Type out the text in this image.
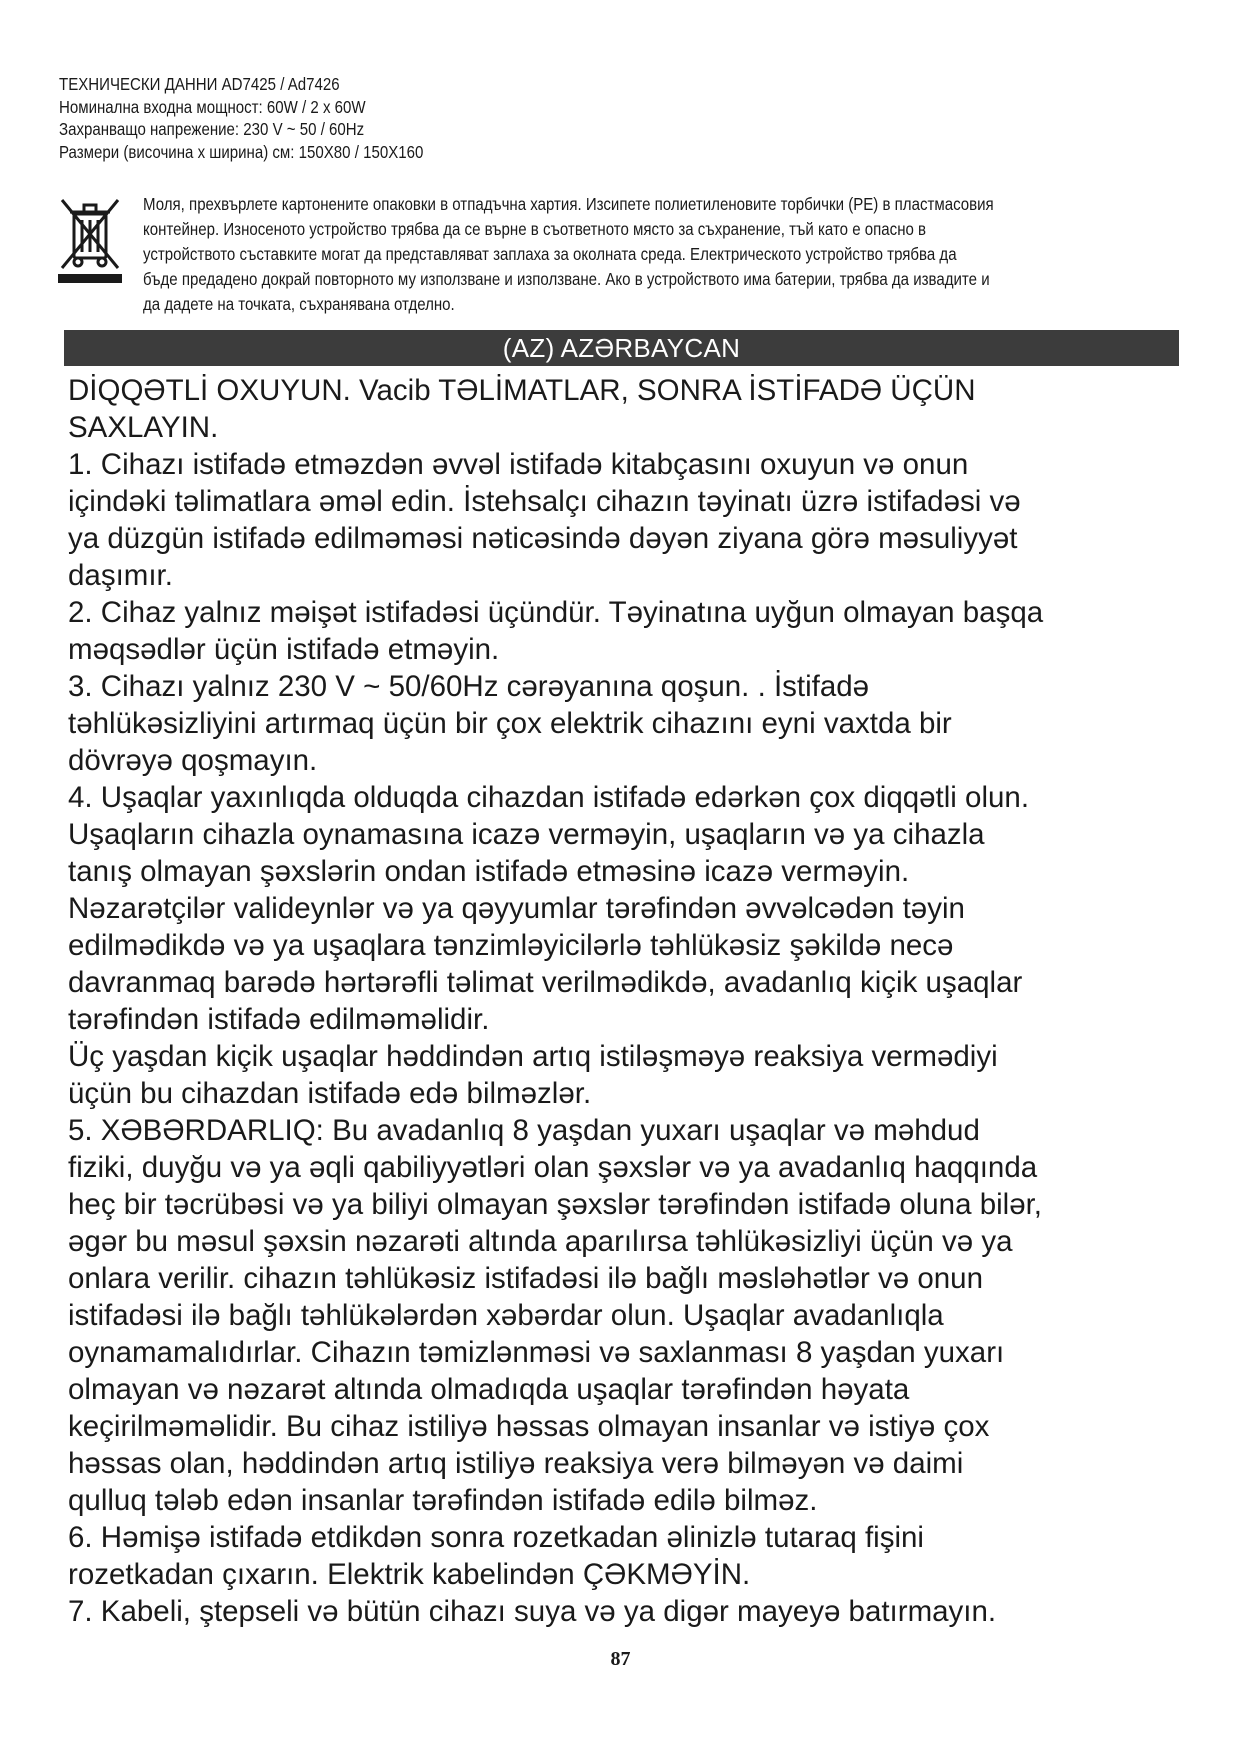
ТЕХНИЧЕСКИ ДАННИ AD7425 / Ad7426
Номинална входна мощност: 60W / 2 x 60W
Захранващо напрежение: 230 V ~ 50 / 60Hz
Размери (височина x ширина) см: 150X80 / 150X160

Моля, прехвърлете картонените опаковки в отпадъчна хартия. Изсипете полиетиленовите торбички (PE) в пластмасовия

контейнер. Износеното устройство трябва да се върне в съответното място за съхранение, тъй като е опасно в

устройството съставките могат да представляват заплаха за околната среда. Електрическото устройство трябва да

бъде предадено докрай повторното му използване и използване. Ако в устройството има батерии, трябва да извадите и

да дадете на точката, съхранявана отделно.

(AZ) AZƏRBAYCAN

DİQQƏTLİ OXUYUN. Vacib TƏLİMATLAR, SONRA İSTİFADƏ ÜÇÜN

SAXLAYIN.

1. Cihazı istifadə etməzdən əvvəl istifadə kitabçasını oxuyun və onun

içindəki təlimatlara əməl edin. İstehsalçı cihazın təyinatı üzrə istifadəsi və

ya düzgün istifadə edilməməsi nəticəsində dəyən ziyana görə məsuliyyət

daşımır.

2. Cihaz yalnız məişət istifadəsi üçündür. Təyinatına uyğun olmayan başqa

məqsədlər üçün istifadə etməyin.

3. Cihazı yalnız 230 V ~ 50/60Hz cərəyanına qoşun. . İstifadə

təhlükəsizliyini artırmaq üçün bir çox elektrik cihazını eyni vaxtda bir

dövrəyə qoşmayın.

4. Uşaqlar yaxınlıqda olduqda cihazdan istifadə edərkən çox diqqətli olun.

Uşaqların cihazla oynamasına icazə verməyin, uşaqların və ya cihazla

tanış olmayan şəxslərin ondan istifadə etməsinə icazə verməyin.

Nəzarətçilər valideynlər və ya qəyyumlar tərəfindən əvvəlcədən təyin

edilmədikdə və ya uşaqlara tənzimləyicilərlə təhlükəsiz şəkildə necə

davranmaq barədə hərtərəfli təlimat verilmədikdə, avadanlıq kiçik uşaqlar

tərəfindən istifadə edilməməlidir.

Üç yaşdan kiçik uşaqlar həddindən artıq istiləşməyə reaksiya vermədiyi

üçün bu cihazdan istifadə edə bilməzlər.

5. XƏBƏRDARLIQ: Bu avadanlıq 8 yaşdan yuxarı uşaqlar və məhdud

fiziki, duyğu və ya əqli qabiliyyətləri olan şəxslər və ya avadanlıq haqqında

heç bir təcrübəsi və ya biliyi olmayan şəxslər tərəfindən istifadə oluna bilər,

əgər bu məsul şəxsin nəzarəti altında aparılırsa təhlükəsizliyi üçün və ya

onlara verilir. cihazın təhlükəsiz istifadəsi ilə bağlı məsləhətlər və onun

istifadəsi ilə bağlı təhlükələrdən xəbərdar olun. Uşaqlar avadanlıqla

oynamamalıdırlar. Cihazın təmizlənməsi və saxlanması 8 yaşdan yuxarı

olmayan və nəzarət altında olmadıqda uşaqlar tərəfindən həyata

keçirilməməlidir. Bu cihaz istiliyə həssas olmayan insanlar və istiyə çox

həssas olan, həddindən artıq istiliyə reaksiya verə bilməyən və daimi

qulluq tələb edən insanlar tərəfindən istifadə edilə bilməz.

6. Həmişə istifadə etdikdən sonra rozetkadan əlinizlə tutaraq fişini

rozetkadan çıxarın. Elektrik kabelindən ÇƏKMƏYİN.

7. Kabeli, ştepseli və bütün cihazı suya və ya digər mayeyə batırmayın.

87
